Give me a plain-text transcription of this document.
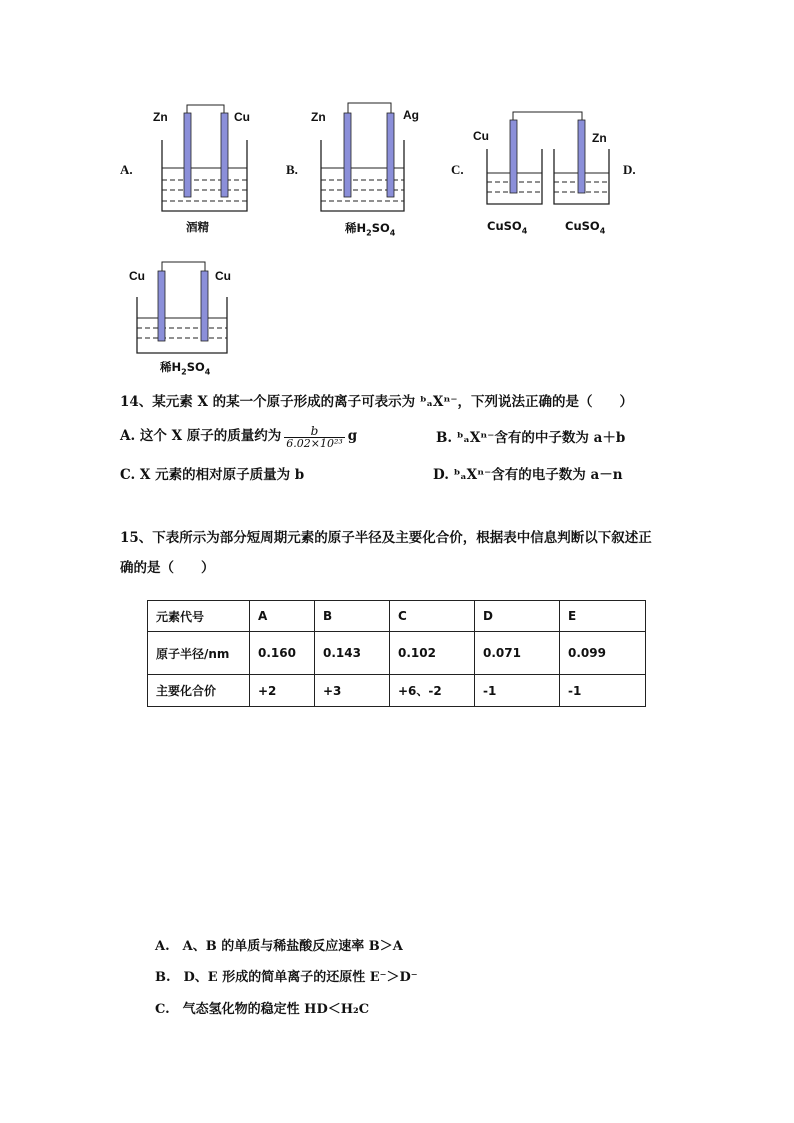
Zn	Cu
A.
酒精
Zn	Ag
B.
稀$H_2SO_4$
Cu	Zn
C.
CuSO$_4$	CuSO$_4$
D.
Cu	Cu
稀$H_2SO_4$
14、某元素 X 的某一个原子形成的离子可表示为 ᵇₐXⁿ⁻，下列说法正确的是（　　）
A. 这个 X 原子的质量约为 $\frac{b}{\text{6.02×10²³}}$ g	B. ᵇₐXⁿ⁻含有的中子数为 a＋b
C. X 元素的相对原子质量为 b	D. ᵇₐXⁿ⁻含有的电子数为 a－n
15、下表所示为部分短周期元素的原子半径及主要化合价，根据表中信息判断以下叙述正
确的是（　　）
元素代号	A	B	C	D	E
原子半径/nm	0.160	0.143	0.102	0.071	0.099
主要化合价	+2	+3	+6、-2	-1	-1
A.　A、B 的单质与稀盐酸反应速率 B＞A
B.　D、E 形成的简单离子的还原性 E⁻＞D⁻
C.　气态氢化物的稳定性 HD＜H₂C
